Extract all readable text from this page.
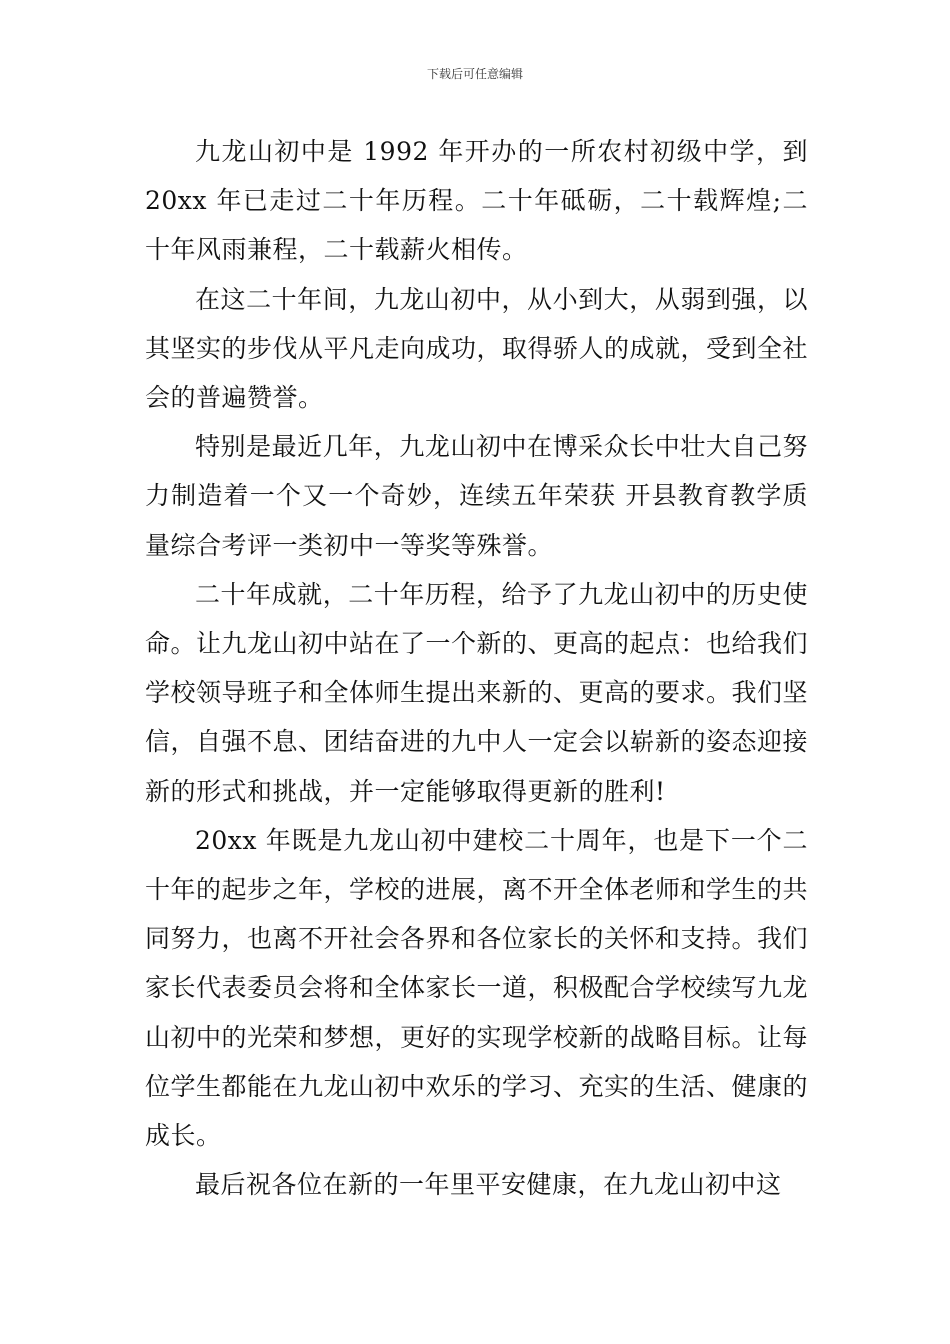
下载后可任意编辑

九龙山初中是 1992 年开办的一所农村初级中学，到 20xx 年已走过二十年历程。二十年砥砺，二十载辉煌;二十年风雨兼程，二十载薪火相传。

在这二十年间，九龙山初中，从小到大，从弱到强，以其坚实的步伐从平凡走向成功，取得骄人的成就，受到全社会的普遍赞誉。

特别是最近几年，九龙山初中在博采众长中壮大自己努力制造着一个又一个奇妙，连续五年荣获 开县教育教学质量综合考评一类初中一等奖等殊誉。

二十年成就，二十年历程，给予了九龙山初中的历史使命。让九龙山初中站在了一个新的、更高的起点：也给我们学校领导班子和全体师生提出来新的、更高的要求。我们坚信，自强不息、团结奋进的九中人一定会以崭新的姿态迎接新的形式和挑战，并一定能够取得更新的胜利!

20xx 年既是九龙山初中建校二十周年，也是下一个二十年的起步之年，学校的进展，离不开全体老师和学生的共同努力，也离不开社会各界和各位家长的关怀和支持。我们家长代表委员会将和全体家长一道，积极配合学校续写九龙山初中的光荣和梦想，更好的实现学校新的战略目标。让每位学生都能在九龙山初中欢乐的学习、充实的生活、健康的成长。

最后祝各位在新的一年里平安健康，在九龙山初中这
